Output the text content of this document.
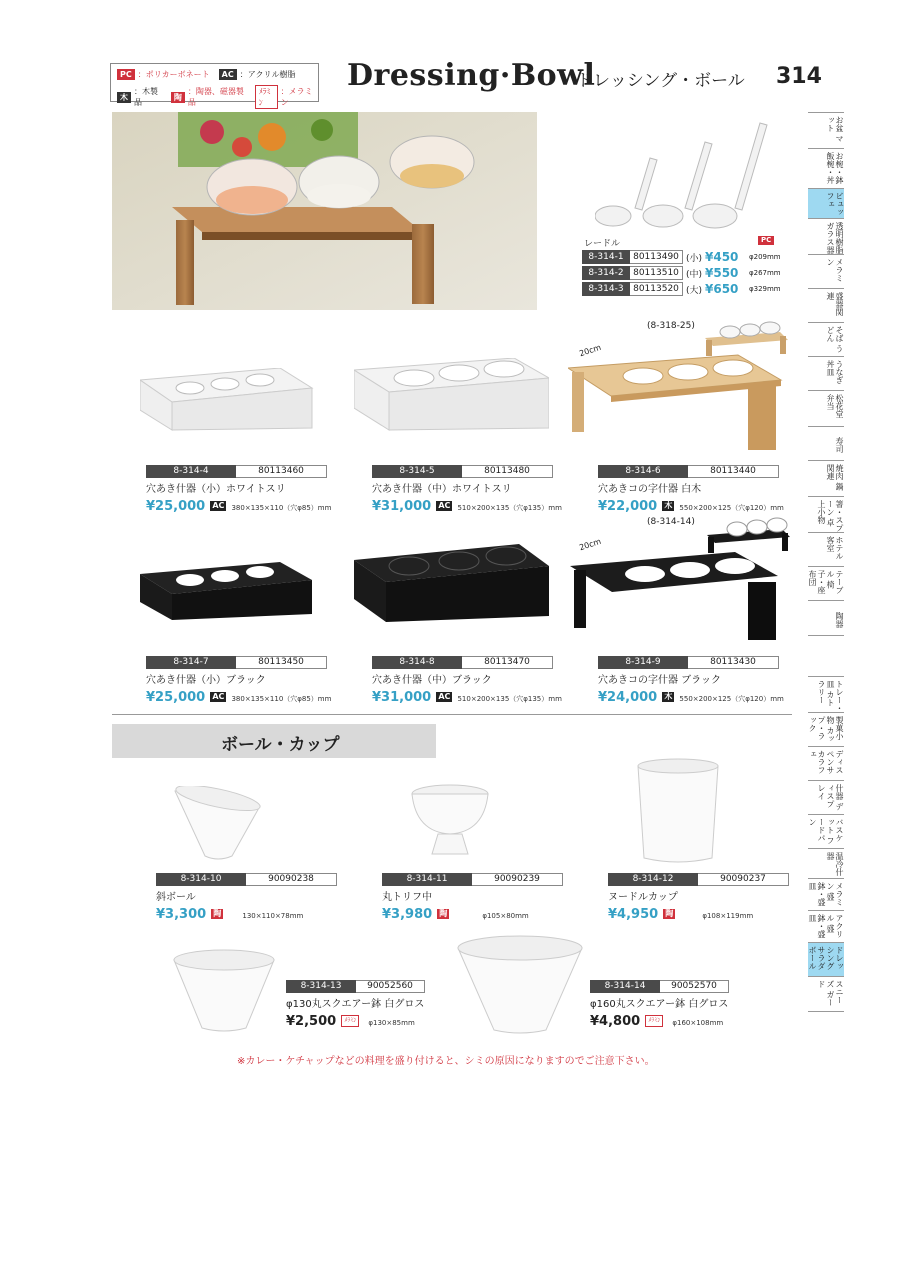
PC ：ポリカーボネート	AC ：アクリル樹脂
木
：木製品
陶
：陶器、磁器製品
ﾒﾗﾐﾝ
：メラミン
Dressing·Bowl
ドレッシング・ボール 314
レードル	PC
8-314-1	80113490 (小) ¥450	φ209mm
8-314-2	80113510 (中) ¥550	φ267mm
8-314-3	80113520 (大) ¥650	φ329mm
(8-318-25)
(8-314-14)
20cm
20cm
8-314-4	80113460
穴あき什器（小）ホワイトスリ
¥25,000 AC 380×135×110（穴φ85）mm
8-314-5	80113480
穴あき什器（中）ホワイトスリ
¥31,000 AC 510×200×135（穴φ135）mm
8-314-6	80113440
穴あきコの字什器 白木
¥22,000 木 550×200×125（穴φ120）mm
8-314-7	80113450
穴あき什器（小）ブラック
¥25,000 AC 380×135×110（穴φ85）mm
8-314-8	80113470
穴あき什器（中）ブラック
¥31,000 AC 510×200×135（穴φ135）mm
8-314-9	80113430
穴あきコの字什器 ブラック
¥24,000 木 550×200×125（穴φ120）mm
ボール・カップ
8-314-10	90090238
斜ボール
¥3,300 陶	130×110×78mm
8-314-11	90090239
丸トリフ中
¥3,980 陶	φ105×80mm
8-314-12	90090237
ヌードルカップ
¥4,950 陶	φ108×119mm
8-314-13	90052560
φ130丸スクエアー鉢 白グロス
¥2,500 ﾒﾗﾐﾝ φ130×85mm
8-314-14	90052570
φ160丸スクエアー鉢 白グロス
¥4,800 ﾒﾗﾐﾝ φ160×108mm
※カレー・ケチャップなどの料理を盛り付けると、シミの原因になりますのでご注意下さい。
お盆 マット
お椀・鉢 飯椀・丼
ビュッフェ
透明樹脂 ガラス器
メラミン
盛器関連
そば うどん
うなぎ 丼皿
松花堂 弁当
寿司
焼肉 鍋関連
箸・スプーン 卓上小物
ホテル 客室
テーブル 椅子・座布団
陶器
トレー・皿 カトラリー
製菓小物 カップ・ラック
ディスペンサ カラフェ
什器 ディスプレイ
バスケット フードパン
温冷什器
メラミン 盛鉢・盛皿
アクリル 盛鉢・盛皿
ドレッシング サラダボール
スニーズ ガード
